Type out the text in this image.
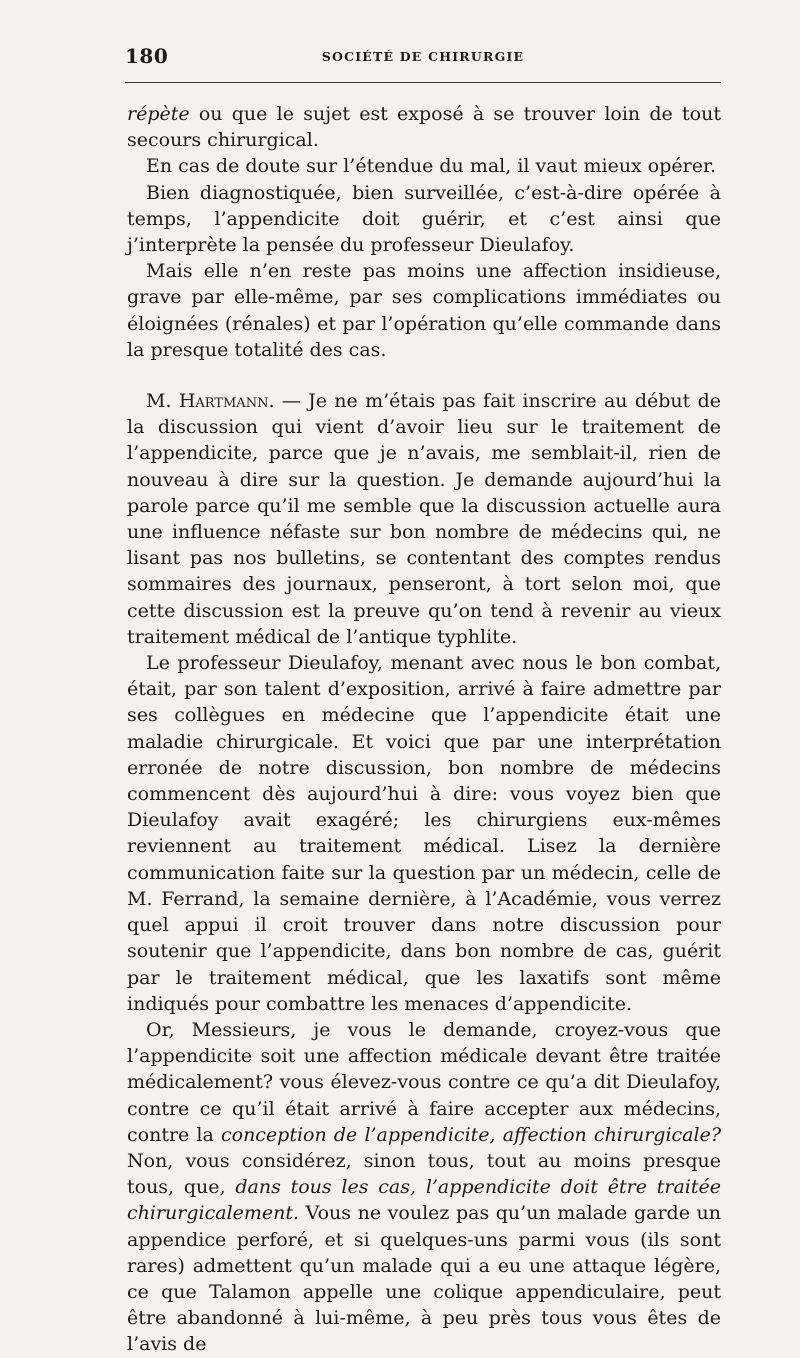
180	SOCIÉTÉ DE CHIRURGIE

répète ou que le sujet est exposé à se trouver loin de tout secours chirurgical.

En cas de doute sur l’étendue du mal, il vaut mieux opérer.

Bien diagnostiquée, bien surveillée, c’est-à-dire opérée à temps, l’appendicite doit guérir, et c’est ainsi que j’interprète la pensée du professeur Dieulafoy.

Mais elle n’en reste pas moins une affection insidieuse, grave par elle-même, par ses complications immédiates ou éloignées (rénales) et par l’opération qu’elle commande dans la presque totalité des cas.

M. Hartmann. — Je ne m’étais pas fait inscrire au début de la discussion qui vient d’avoir lieu sur le traitement de l’appendicite, parce que je n’avais, me semblait-il, rien de nouveau à dire sur la question. Je demande aujourd’hui la parole parce qu’il me semble que la discussion actuelle aura une influence néfaste sur bon nombre de médecins qui, ne lisant pas nos bulletins, se contentant des comptes rendus sommaires des journaux, penseront, à tort selon moi, que cette discussion est la preuve qu’on tend à revenir au vieux traitement médical de l’antique typhlite.

Le professeur Dieulafoy, menant avec nous le bon combat, était, par son talent d’exposition, arrivé à faire admettre par ses collègues en médecine que l’appendicite était une maladie chirurgicale. Et voici que par une interprétation erronée de notre discussion, bon nombre de médecins commencent dès aujourd’hui à dire: vous voyez bien que Dieulafoy avait exagéré; les chirurgiens eux-mêmes reviennent au traitement médical. Lisez la dernière communication faite sur la question par un médecin, celle de M. Ferrand, la semaine dernière, à l’Académie, vous verrez quel appui il croit trouver dans notre discussion pour soutenir que l’appendicite, dans bon nombre de cas, guérit par le traitement médical, que les laxatifs sont même indiqués pour combattre les menaces d’appendicite.

Or, Messieurs, je vous le demande, croyez-vous que l’appendicite soit une affection médicale devant être traitée médicalement? vous élevez-vous contre ce qu’a dit Dieulafoy, contre ce qu’il était arrivé à faire accepter aux médecins, contre la conception de l’appendicite, affection chirurgicale? Non, vous considérez, sinon tous, tout au moins presque tous, que, dans tous les cas, l’appendicite doit être traitée chirurgicalement. Vous ne voulez pas qu’un malade garde un appendice perforé, et si quelques-uns parmi vous (ils sont rares) admettent qu’un malade qui a eu une attaque légère, ce que Talamon appelle une colique appendiculaire, peut être abandonné à lui-même, à peu près tous vous êtes de l’avis de
